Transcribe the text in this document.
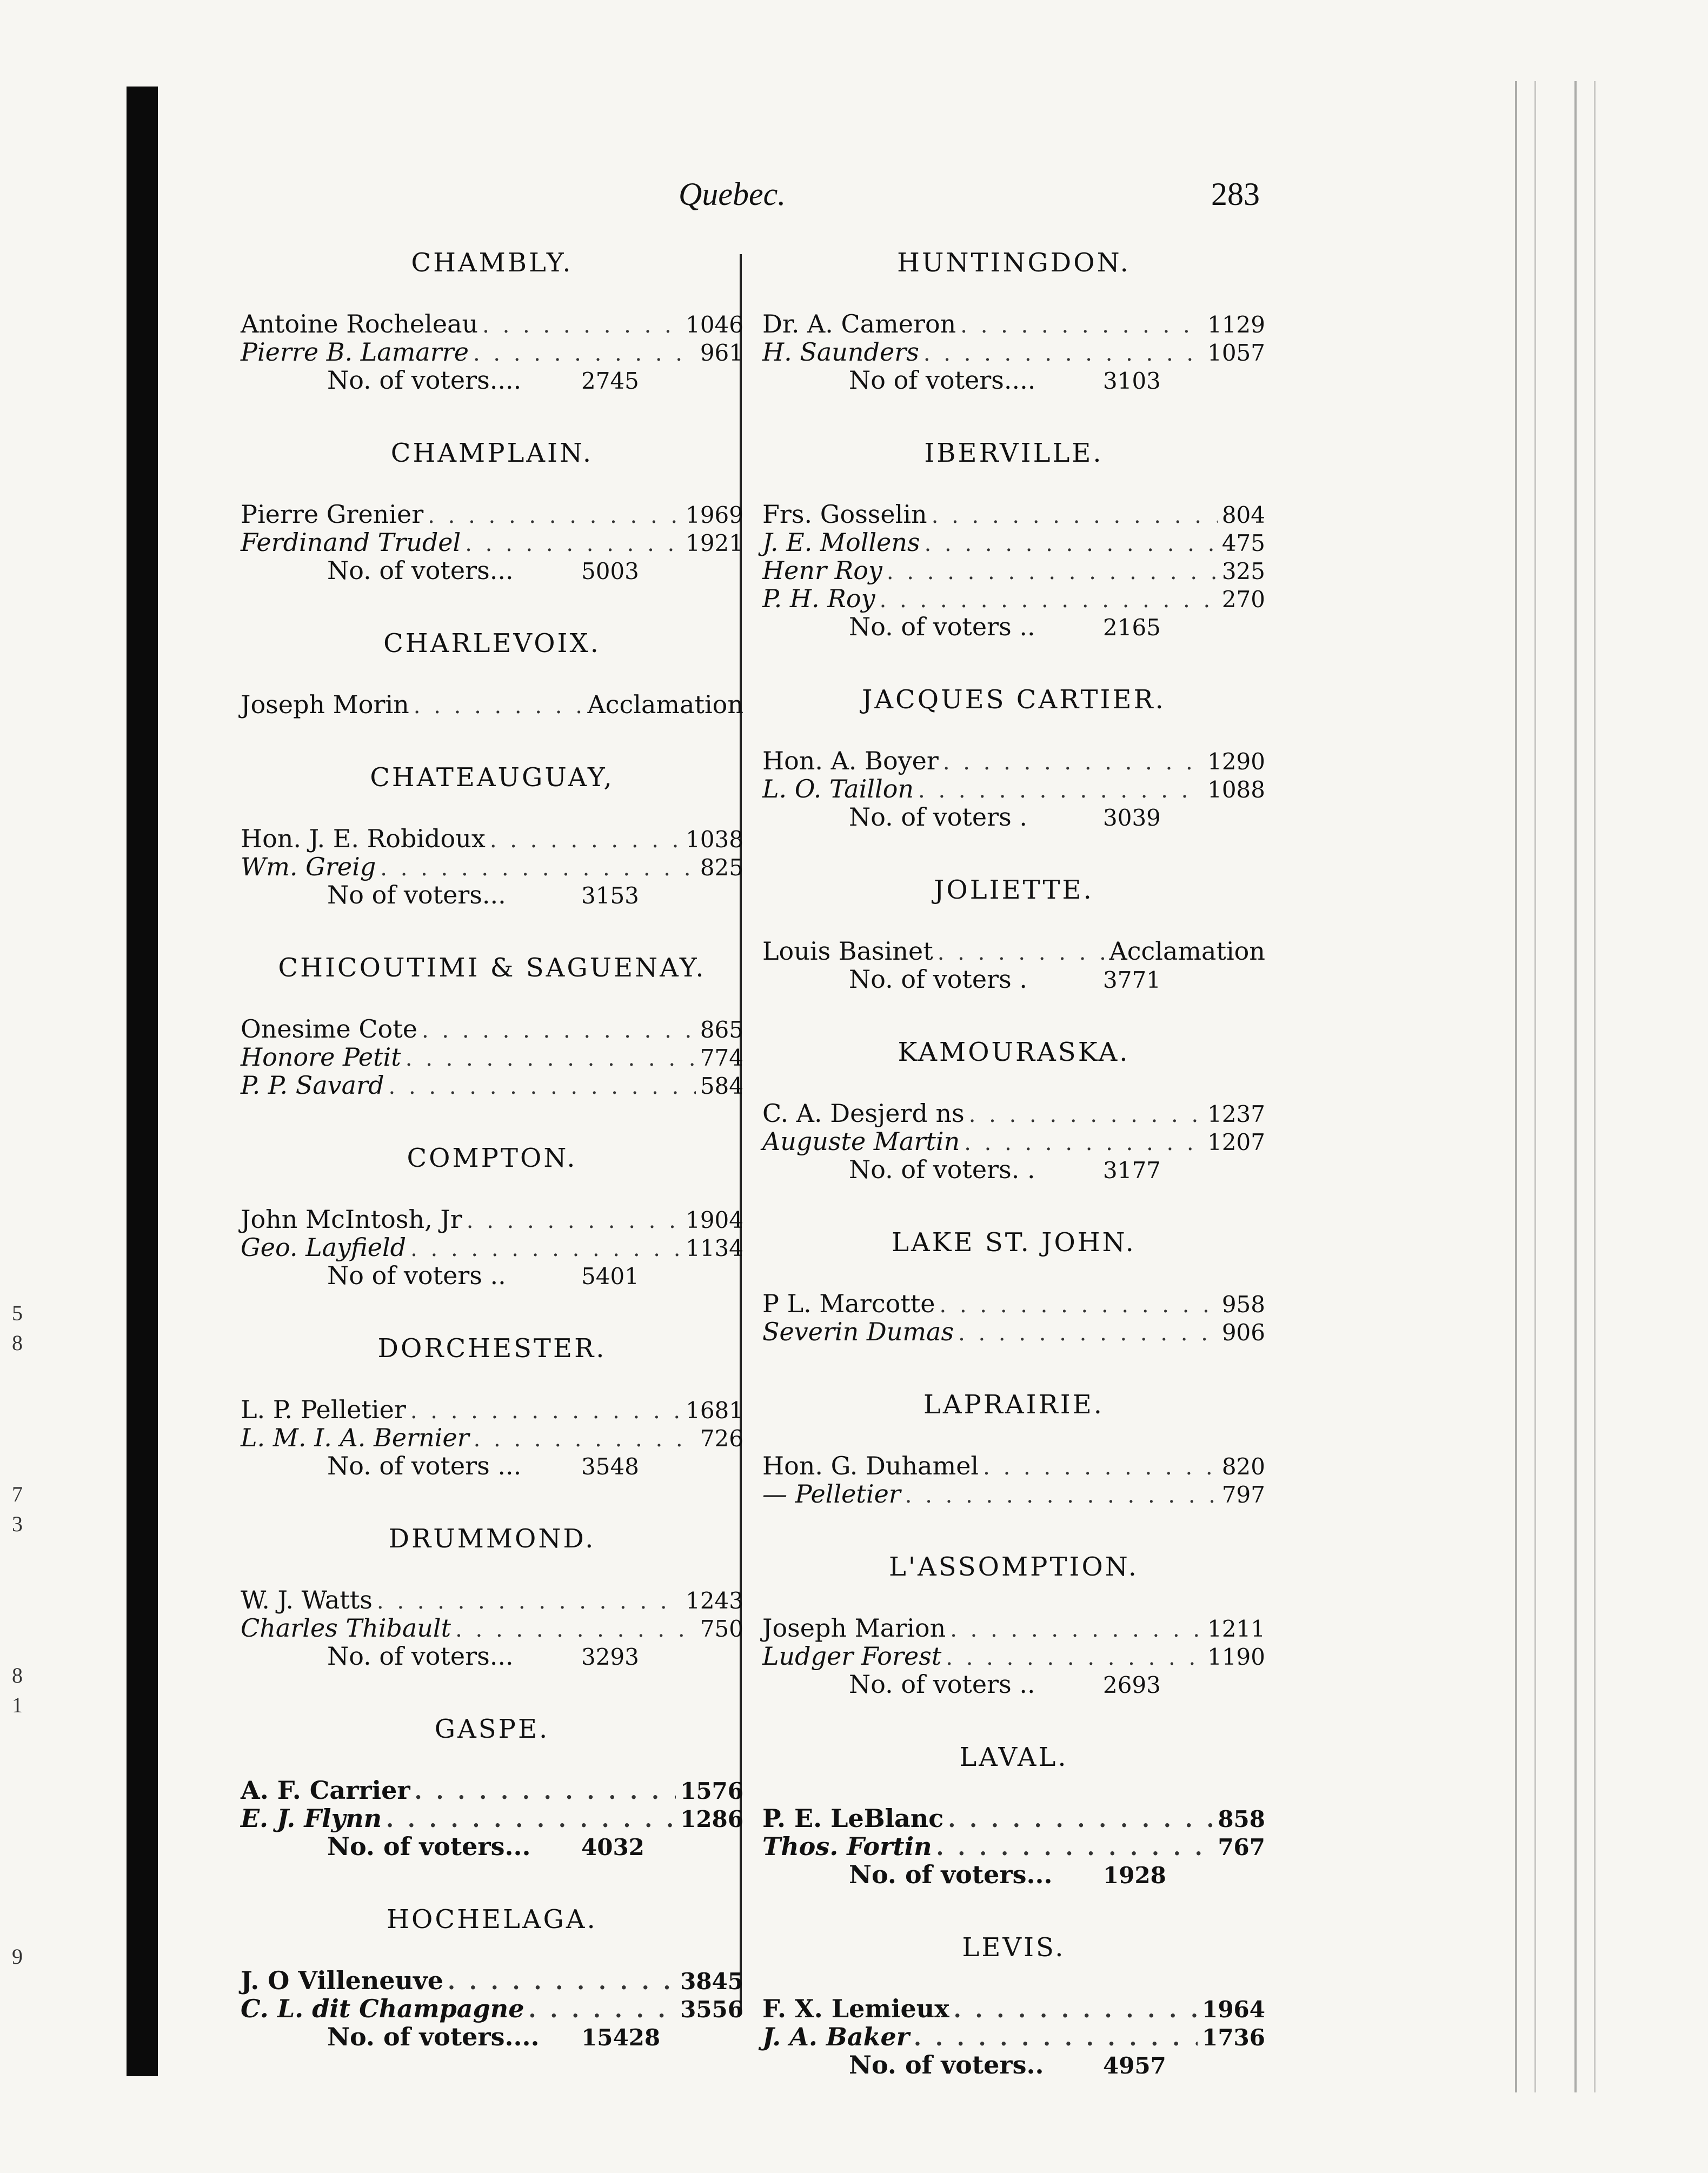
5
8
7
3
8
1
9
Quebec.	283
CHAMBLY.
Antoine Rocheleau . . .	1046
Pierre B. Lamarre . . .	961
No. of voters....	2745
CHAMPLAIN.
Pierre Grenier . . .	1969
Ferdinand Trudel . . .	1921
No. of voters...	5003
CHARLEVOIX.
Joseph Morin . . .	Acclamation
CHATEAUGUAY,
Hon. J. E. Robidoux . . .	1038
Wm. Greig . . .	825
No of voters...	3153
CHICOUTIMI & SAGUENAY.
Onesime Cote . . .	865
Honore Petit . . .	774
P. P. Savard . . .	584
COMPTON.
John McIntosh, Jr . . .	1904
Geo. Layfield . . .	1134
No of voters ..	5401
DORCHESTER.
L. P. Pelletier . . .	1681
L. M. I. A. Bernier . . .	726
No. of voters ...	3548
DRUMMOND.
W. J. Watts . . .	1243
Charles Thibault . . .	750
No. of voters...	3293
GASPE.
A. F. Carrier . . .	1576
E. J. Flynn . . .	1286
No. of voters... 4032
HOCHELAGA.
J. O Villeneuve . . .	3845
C. L. dit Champagne . . .	3556
No. of voters.... 15428
HUNTINGDON.
Dr. A. Cameron . . .	1129
H. Saunders . . .	1057
No of voters....	3103
IBERVILLE.
Frs. Gosselin . . .	804
J. E. Mollens . . .	475
Henr Roy . . .	325
P. H. Roy . . .	270
No. of voters ..	2165
JACQUES CARTIER.
Hon. A. Boyer . . .	1290
L. O. Taillon . . .	1088
No. of voters .	3039
JOLIETTE.
Louis Basinet . . .	Acclamation
No. of voters .	3771
KAMOURASKA.
C. A. Desjerd ns . . .	1237
Auguste Martin . . .	1207
No. of voters. .	3177
LAKE ST. JOHN.
P L. Marcotte . . .	958
Severin Dumas . . .	906
LAPRAIRIE.
Hon. G. Duhamel . . .	820
— Pelletier . . .	797
L'ASSOMPTION.
Joseph Marion . . .	1211
Ludger Forest . . .	1190
No. of voters ..	2693
LAVAL.
P. E. LeBlanc . . .	858
Thos. Fortin . . .	767
No. of voters... 1928
LEVIS.
F. X. Lemieux . . .	1964
J. A. Baker . . .	1736
No. of voters..	4957
